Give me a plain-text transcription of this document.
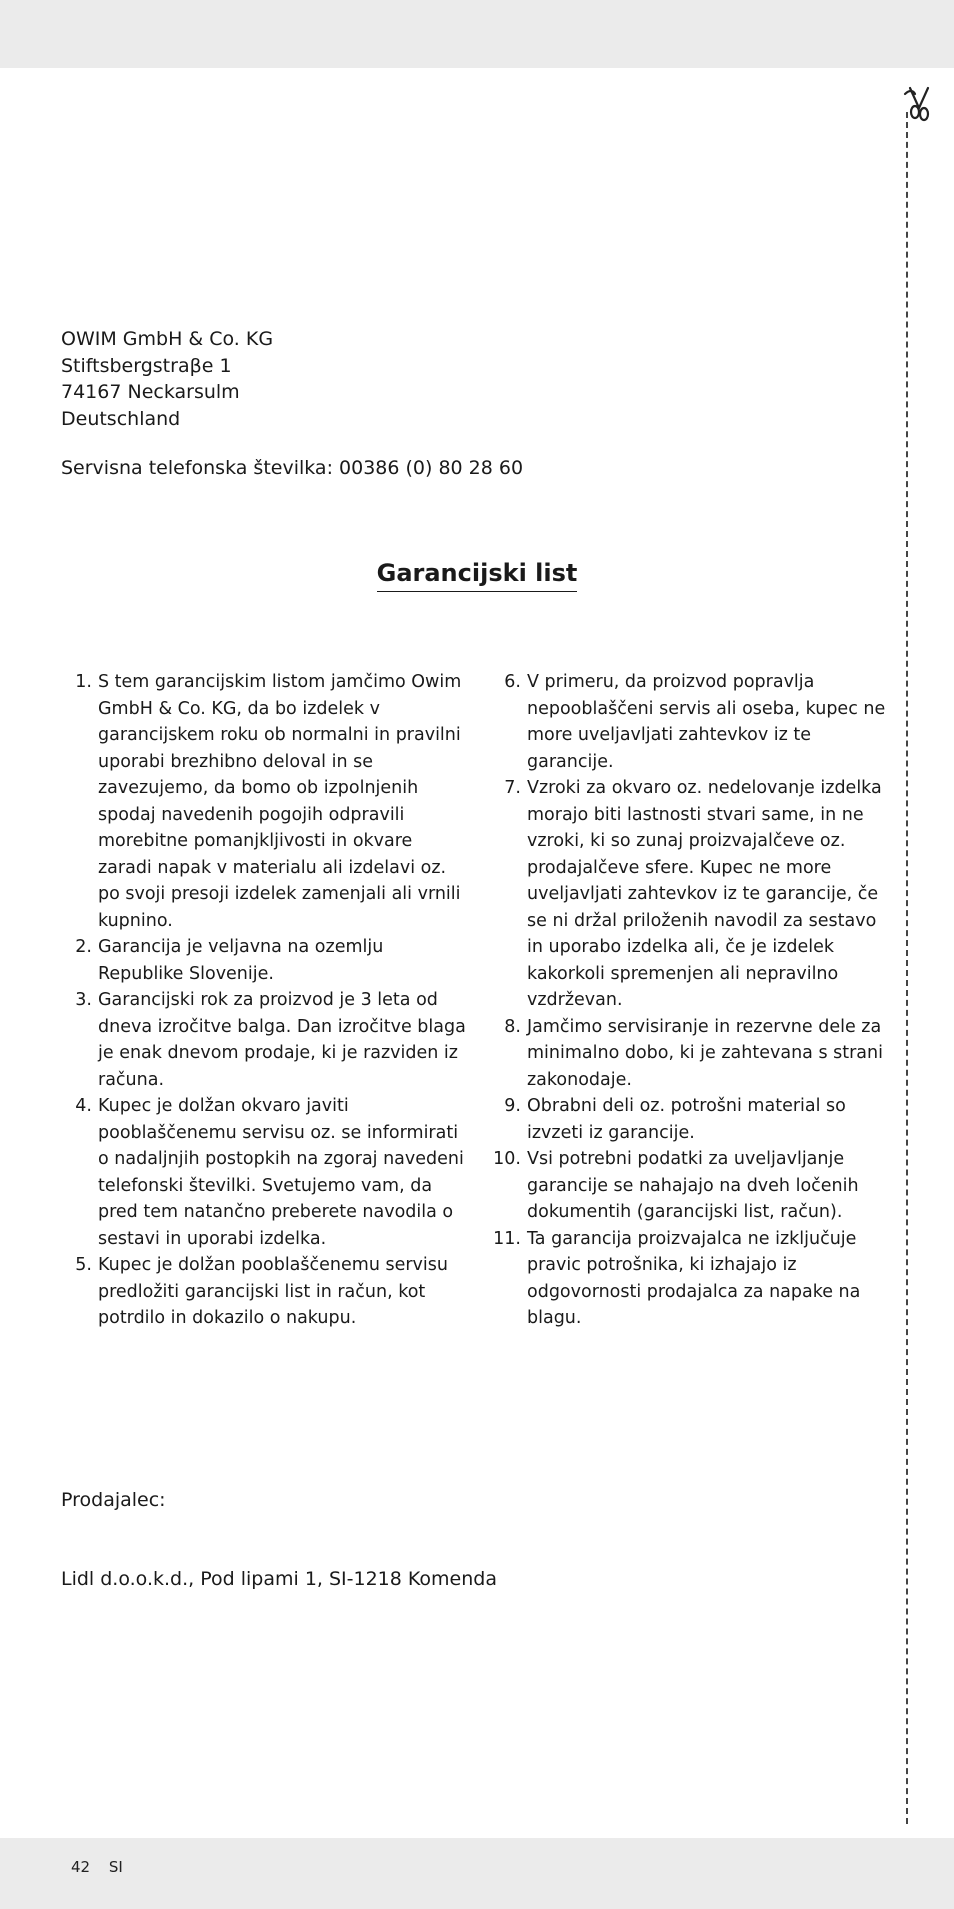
OWIM GmbH & Co. KG
Stiftsbergstraβe 1
74167 Neckarsulm
Deutschland
Servisna telefonska številka: 00386 (0) 80 28 60
Garancijski list
1. S tem garancijskim listom jamčimo Owim GmbH & Co. KG, da bo izdelek v garancijskem roku ob normalni in pravilni uporabi brezhibno deloval in se zavezujemo, da bomo ob izpolnjenih spodaj navedenih pogojih odpravili morebitne pomanjkljivosti in okvare zaradi napak v materialu ali izdelavi oz. po svoji presoji izdelek zamenjali ali vrnili kupnino.
2. Garancija je veljavna na ozemlju Republike Slovenije.
3. Garancijski rok za proizvod je 3 leta od dneva izročitve balga. Dan izročitve blaga je enak dnevom prodaje, ki je razviden iz računa.
4. Kupec je dolžan okvaro javiti pooblaščenemu servisu oz. se informirati o nadaljnjih postopkih na zgoraj navedeni telefonski številki. Svetujemo vam, da pred tem natančno preberete navodila o sestavi in uporabi izdelka.
5. Kupec je dolžan pooblaščenemu servisu predložiti garancijski list in račun, kot potrdilo in dokazilo o nakupu.
6. V primeru, da proizvod popravlja nepooblaščeni servis ali oseba, kupec ne more uveljavljati zahtevkov iz te garancije.
7. Vzroki za okvaro oz. nedelovanje izdelka morajo biti lastnosti stvari same, in ne vzroki, ki so zunaj proizvajalčeve oz. prodajalčeve sfere. Kupec ne more uveljavljati zahtevkov iz te garancije, če se ni držal priloženih navodil za sestavo in uporabo izdelka ali, če je izdelek kakorkoli spremenjen ali nepravilno vzdrževan.
8. Jamčimo servisiranje in rezervne dele za minimalno dobo, ki je zahtevana s strani zakonodaje.
9. Obrabni deli oz. potrošni material so izvzeti iz garancije.
10. Vsi potrebni podatki za uveljavljanje garancije se nahajajo na dveh ločenih dokumentih (garancijski list, račun).
11. Ta garancija proizvajalca ne izključuje pravic potrošnika, ki izhajajo iz odgovornosti prodajalca za napake na blagu.
Prodajalec:
Lidl d.o.o.k.d., Pod lipami 1, SI-1218 Komenda
42 SI
